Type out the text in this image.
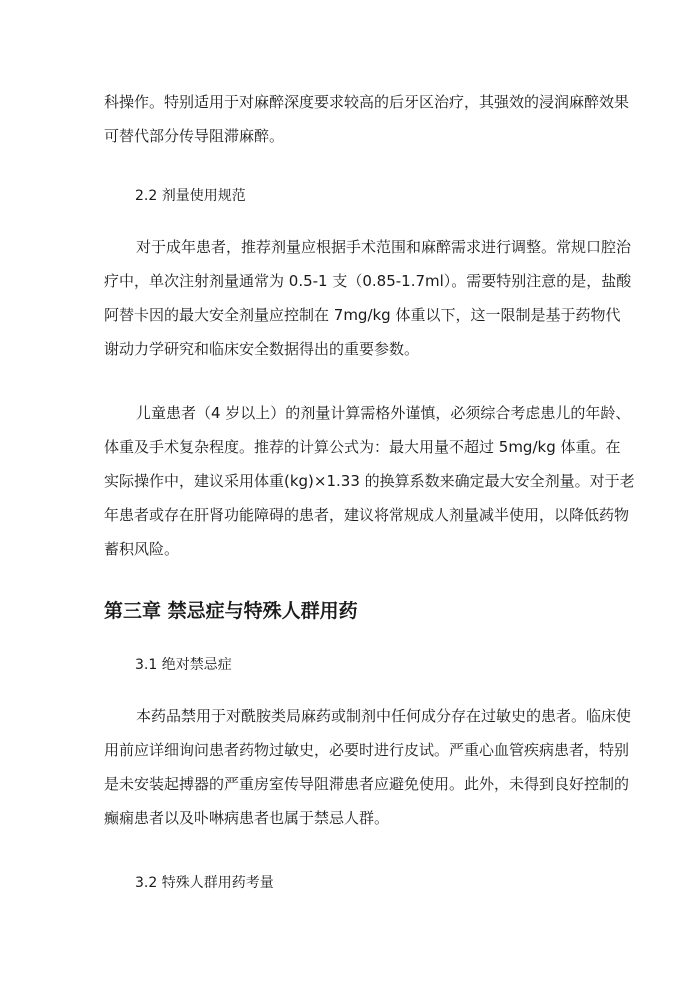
科操作。特别适用于对麻醉深度要求较高的后牙区治疗，其强效的浸润麻醉效果
可替代部分传导阻滞麻醉。

2.2 剂量使用规范

对于成年患者，推荐剂量应根据手术范围和麻醉需求进行调整。常规口腔治
疗中，单次注射剂量通常为 0.5-1 支（0.85-1.7ml）。需要特别注意的是，盐酸
阿替卡因的最大安全剂量应控制在 7mg/kg 体重以下，这一限制是基于药物代
谢动力学研究和临床安全数据得出的重要参数。

儿童患者（4 岁以上）的剂量计算需格外谨慎，必须综合考虑患儿的年龄、
体重及手术复杂程度。推荐的计算公式为：最大用量不超过 5mg/kg 体重。在
实际操作中，建议采用体重(kg)×1.33 的换算系数来确定最大安全剂量。对于老
年患者或存在肝肾功能障碍的患者，建议将常规成人剂量减半使用，以降低药物
蓄积风险。

第三章 禁忌症与特殊人群用药

3.1 绝对禁忌症

本药品禁用于对酰胺类局麻药或制剂中任何成分存在过敏史的患者。临床使
用前应详细询问患者药物过敏史，必要时进行皮试。严重心血管疾病患者，特别
是未安装起搏器的严重房室传导阻滞患者应避免使用。此外，未得到良好控制的
癫痫患者以及卟啉病患者也属于禁忌人群。

3.2 特殊人群用药考量
